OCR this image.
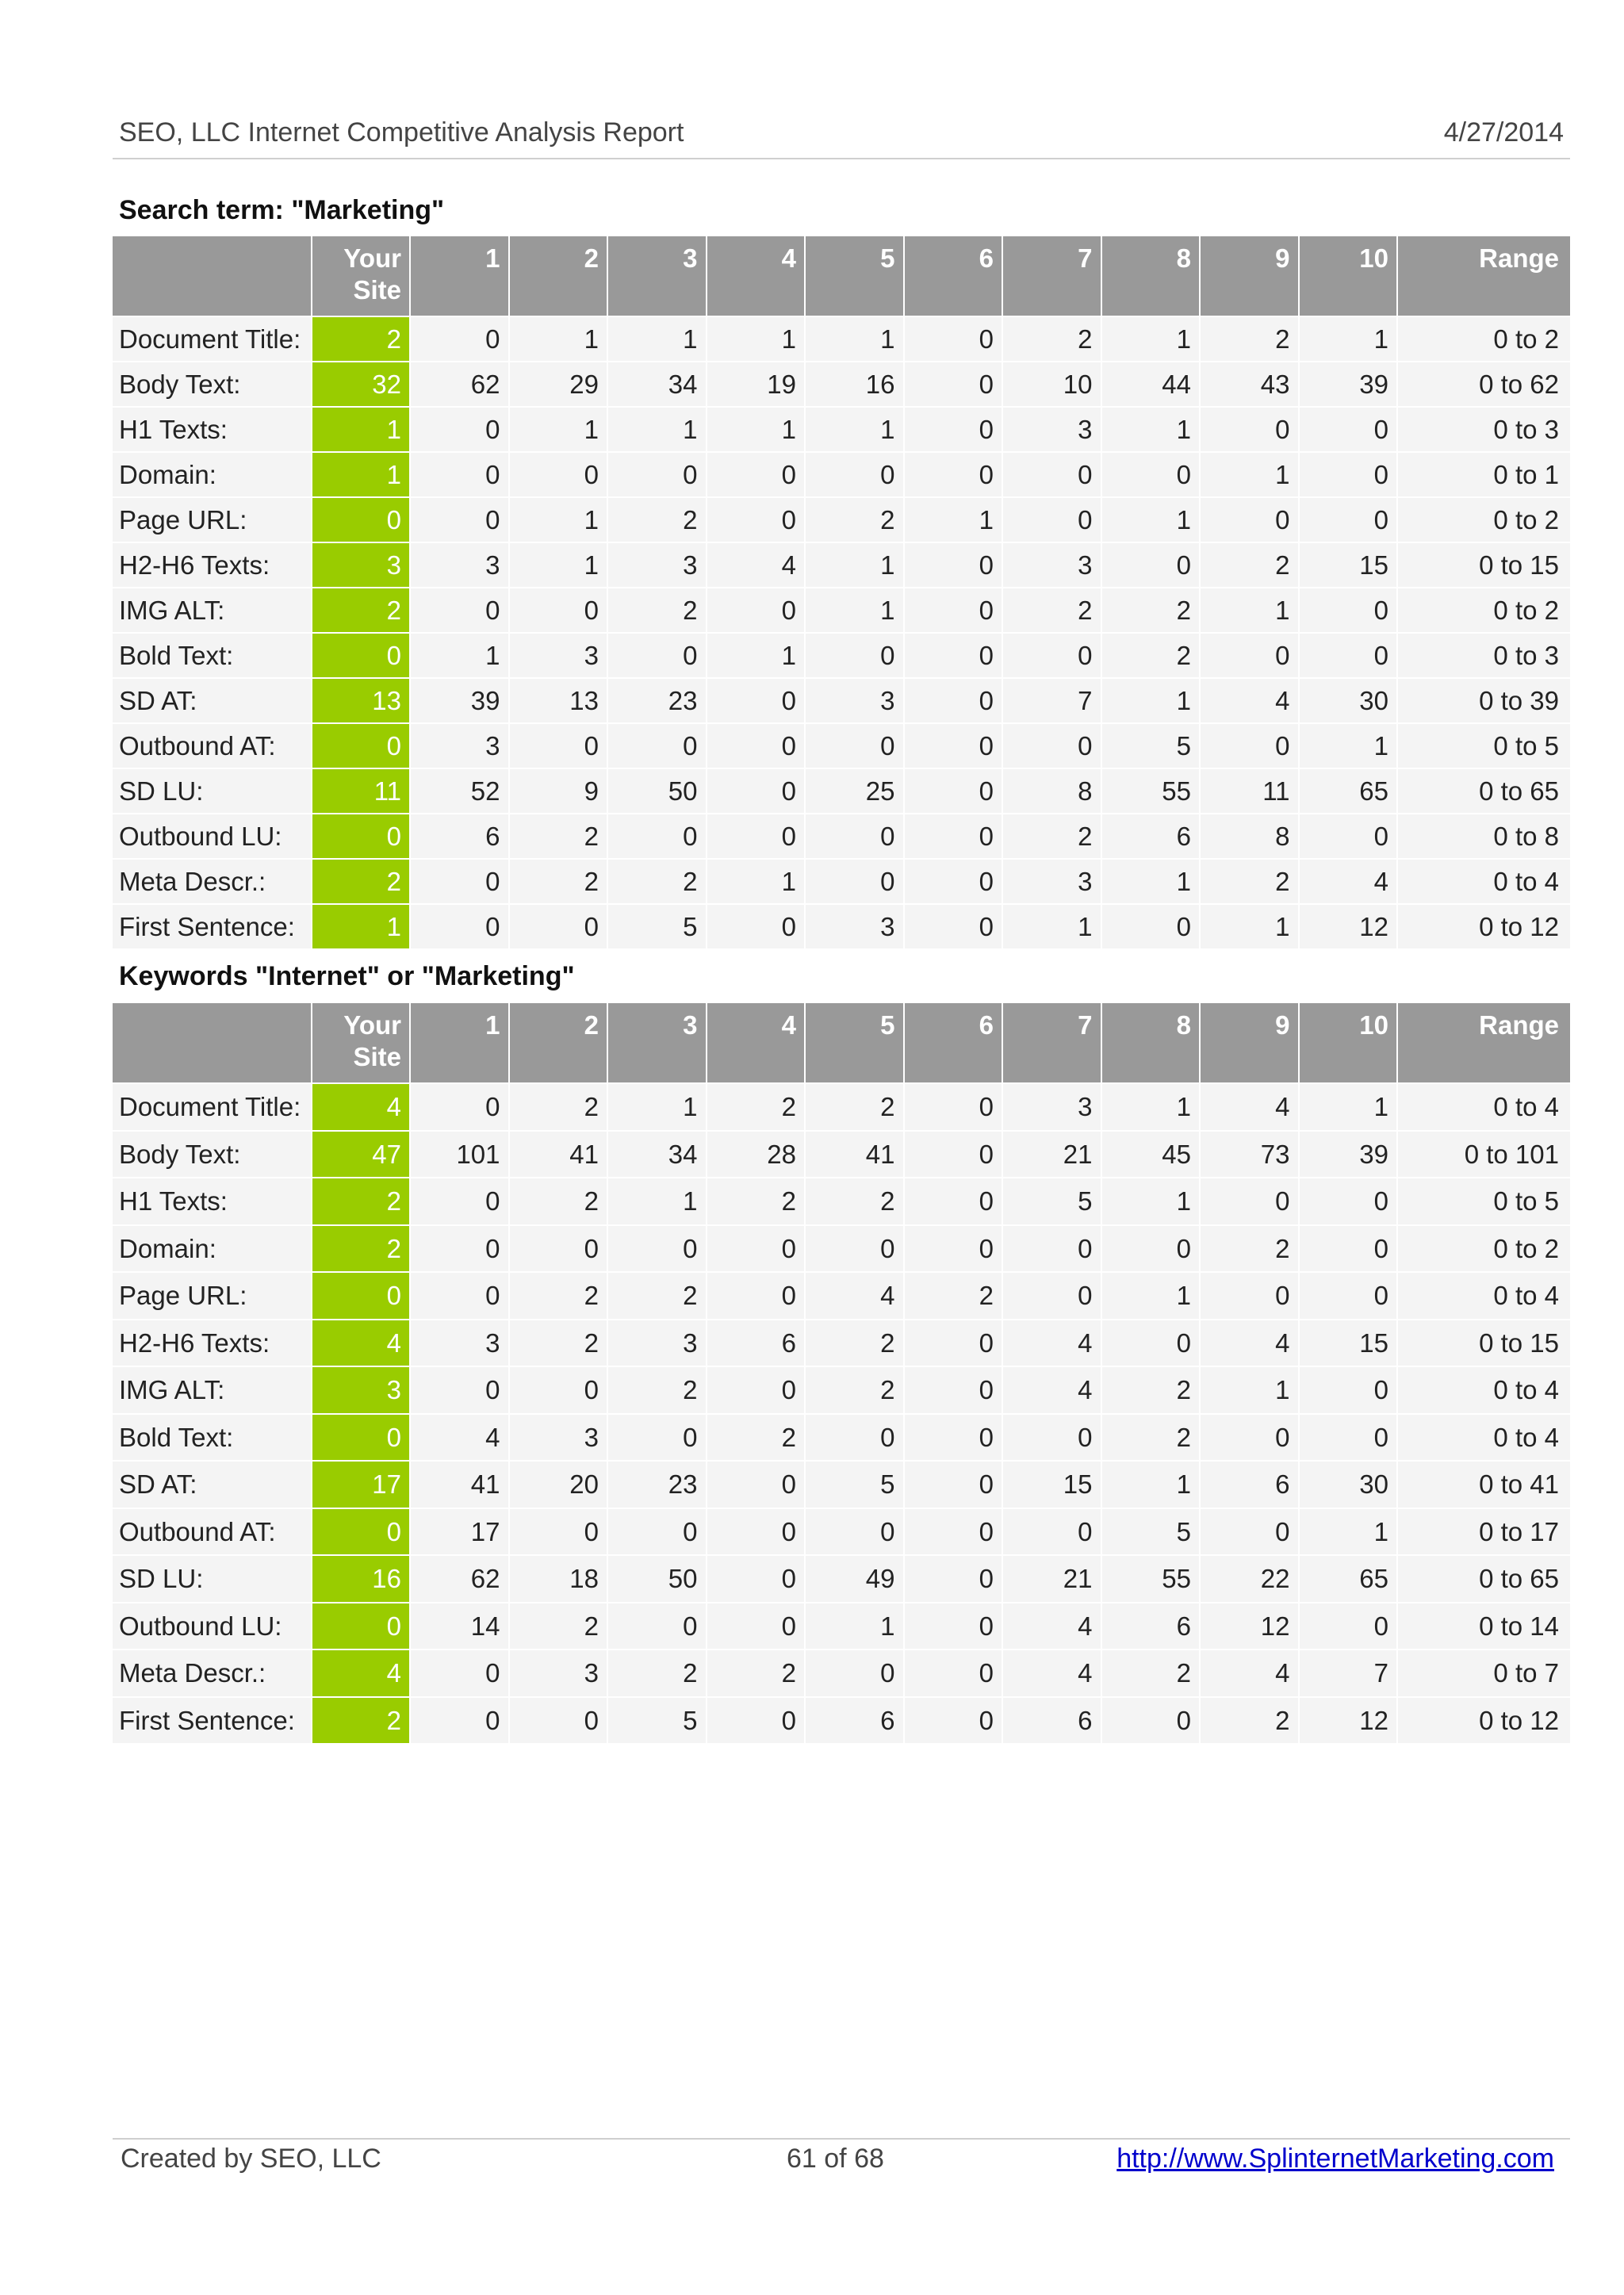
SEO, LLC Internet Competitive Analysis Report	4/27/2014
Search term: "Marketing"
	Your Site	1	2	3	4	5	6	7	8	9	10	Range
Document Title:	2	0	1	1	1	1	0	2	1	2	1	0 to 2
Body Text:	32	62	29	34	19	16	0	10	44	43	39	0 to 62
H1 Texts:	1	0	1	1	1	1	0	3	1	0	0	0 to 3
Domain:	1	0	0	0	0	0	0	0	0	1	0	0 to 1
Page URL:	0	0	1	2	0	2	1	0	1	0	0	0 to 2
H2-H6 Texts:	3	3	1	3	4	1	0	3	0	2	15	0 to 15
IMG ALT:	2	0	0	2	0	1	0	2	2	1	0	0 to 2
Bold Text:	0	1	3	0	1	0	0	0	2	0	0	0 to 3
SD AT:	13	39	13	23	0	3	0	7	1	4	30	0 to 39
Outbound AT:	0	3	0	0	0	0	0	0	5	0	1	0 to 5
SD LU:	11	52	9	50	0	25	0	8	55	11	65	0 to 65
Outbound LU:	0	6	2	0	0	0	0	2	6	8	0	0 to 8
Meta Descr.:	2	0	2	2	1	0	0	3	1	2	4	0 to 4
First Sentence:	1	0	0	5	0	3	0	1	0	1	12	0 to 12
Keywords "Internet" or "Marketing"
	Your Site	1	2	3	4	5	6	7	8	9	10	Range
Document Title:	4	0	2	1	2	2	0	3	1	4	1	0 to 4
Body Text:	47	101	41	34	28	41	0	21	45	73	39	0 to 101
H1 Texts:	2	0	2	1	2	2	0	5	1	0	0	0 to 5
Domain:	2	0	0	0	0	0	0	0	0	2	0	0 to 2
Page URL:	0	0	2	2	0	4	2	0	1	0	0	0 to 4
H2-H6 Texts:	4	3	2	3	6	2	0	4	0	4	15	0 to 15
IMG ALT:	3	0	0	2	0	2	0	4	2	1	0	0 to 4
Bold Text:	0	4	3	0	2	0	0	0	2	0	0	0 to 4
SD AT:	17	41	20	23	0	5	0	15	1	6	30	0 to 41
Outbound AT:	0	17	0	0	0	0	0	0	5	0	1	0 to 17
SD LU:	16	62	18	50	0	49	0	21	55	22	65	0 to 65
Outbound LU:	0	14	2	0	0	1	0	4	6	12	0	0 to 14
Meta Descr.:	4	0	3	2	2	0	0	4	2	4	7	0 to 7
First Sentence:	2	0	0	5	0	6	0	6	0	2	12	0 to 12
Created by SEO, LLC	61 of 68	http://www.SplinternetMarketing.com
